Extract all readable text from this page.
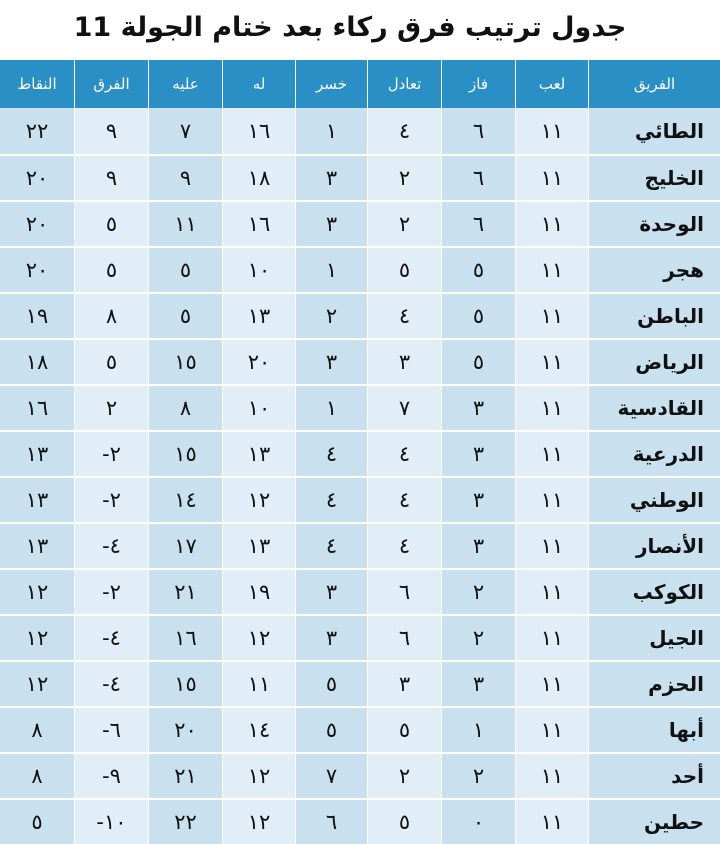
جدول ترتيب فرق ركاء بعد ختام الجولة 11
الفريق	لعب	فاز	تعادل	خسر	له	عليه	الفرق	النقاط
الطائي	١١	٦	٤	١	١٦	٧	٩	٢٢
الخليج	١١	٦	٢	٣	١٨	٩	٩	٢٠
الوحدة	١١	٦	٢	٣	١٦	١١	٥	٢٠
هجر	١١	٥	٥	١	١٠	٥	٥	٢٠
الباطن	١١	٥	٤	٢	١٣	٥	٨	١٩
الرياض	١١	٥	٣	٣	٢٠	١٥	٥	١٨
القادسية	١١	٣	٧	١	١٠	٨	٢	١٦
الدرعية	١١	٣	٤	٤	١٣	١٥	٢-	١٣
الوطني	١١	٣	٤	٤	١٢	١٤	٢-	١٣
الأنصار	١١	٣	٤	٤	١٣	١٧	٤-	١٣
الكوكب	١١	٢	٦	٣	١٩	٢١	٢-	١٢
الجيل	١١	٢	٦	٣	١٢	١٦	٤-	١٢
الحزم	١١	٣	٣	٥	١١	١٥	٤-	١٢
أبها	١١	١	٥	٥	١٤	٢٠	٦-	٨
أحد	١١	٢	٢	٧	١٢	٢١	٩-	٨
حطين	١١	٠	٥	٦	١٢	٢٢	١٠-	٥
